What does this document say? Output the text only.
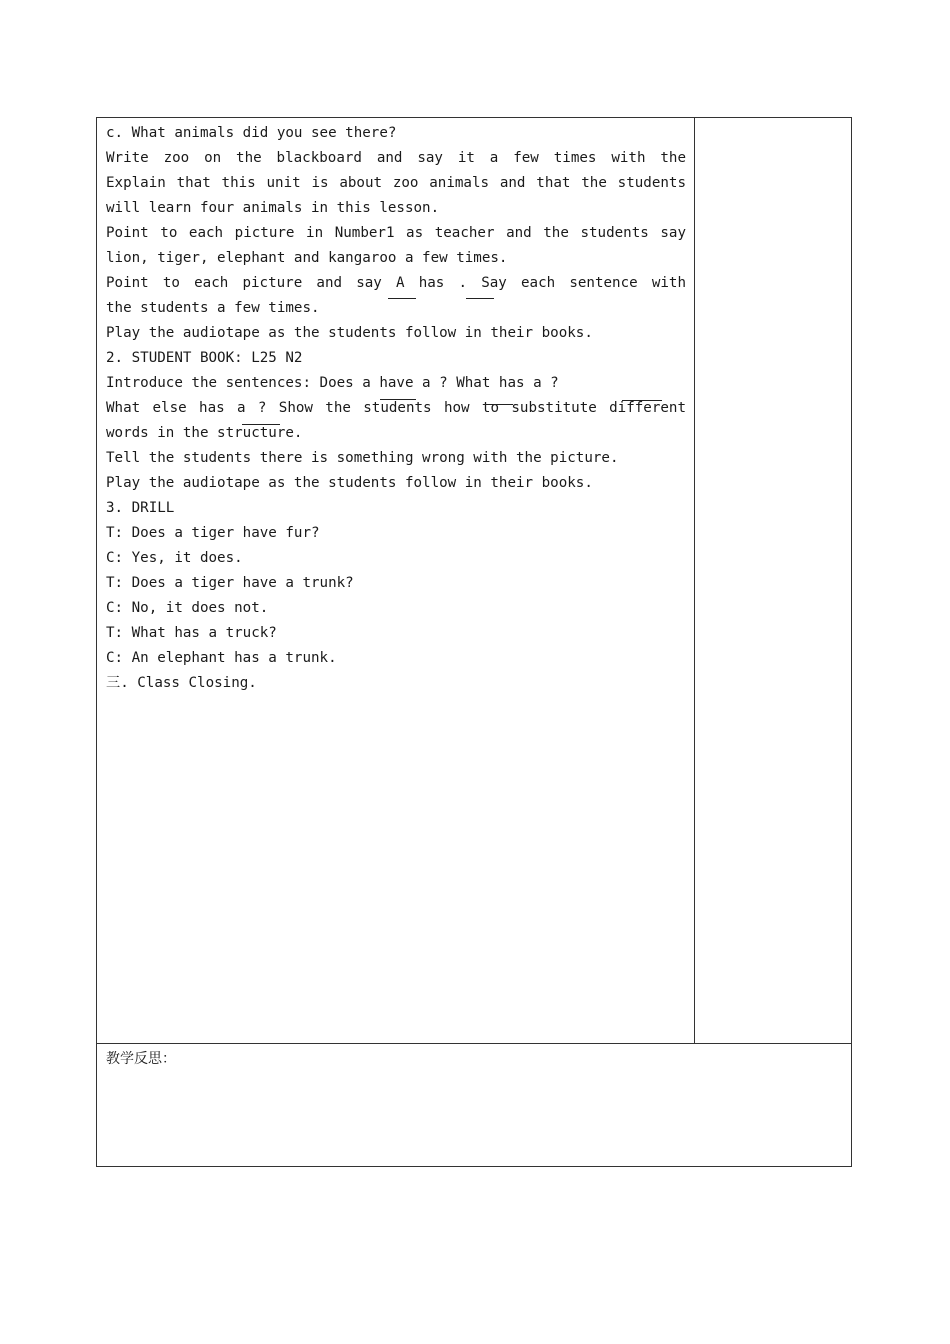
c. What animals did you see there?
Write zoo on the blackboard and say it a few times with the
Explain that this unit is about zoo animals and that the students
will learn four animals in this lesson.
Point to each picture in Number1 as teacher and the students say
lion, tiger, elephant and kangaroo a few times.
Point to each picture and say A has . Say each sentence with
the students a few times.
Play the audiotape as the students follow in their books.
2. STUDENT BOOK: L25 N2
Introduce the sentences: Does a have a ? What has a ?
What else has a ? Show the students how to substitute different
words in the structure.
Tell the students there is something wrong with the picture.
Play the audiotape as the students follow in their books.
3. DRILL
T: Does a tiger have fur?
C: Yes, it does.
T: Does a tiger have a trunk?
C: No, it does not.
T: What has a truck?
C: An elephant has a trunk.
三. Class Closing.
教学反思：
